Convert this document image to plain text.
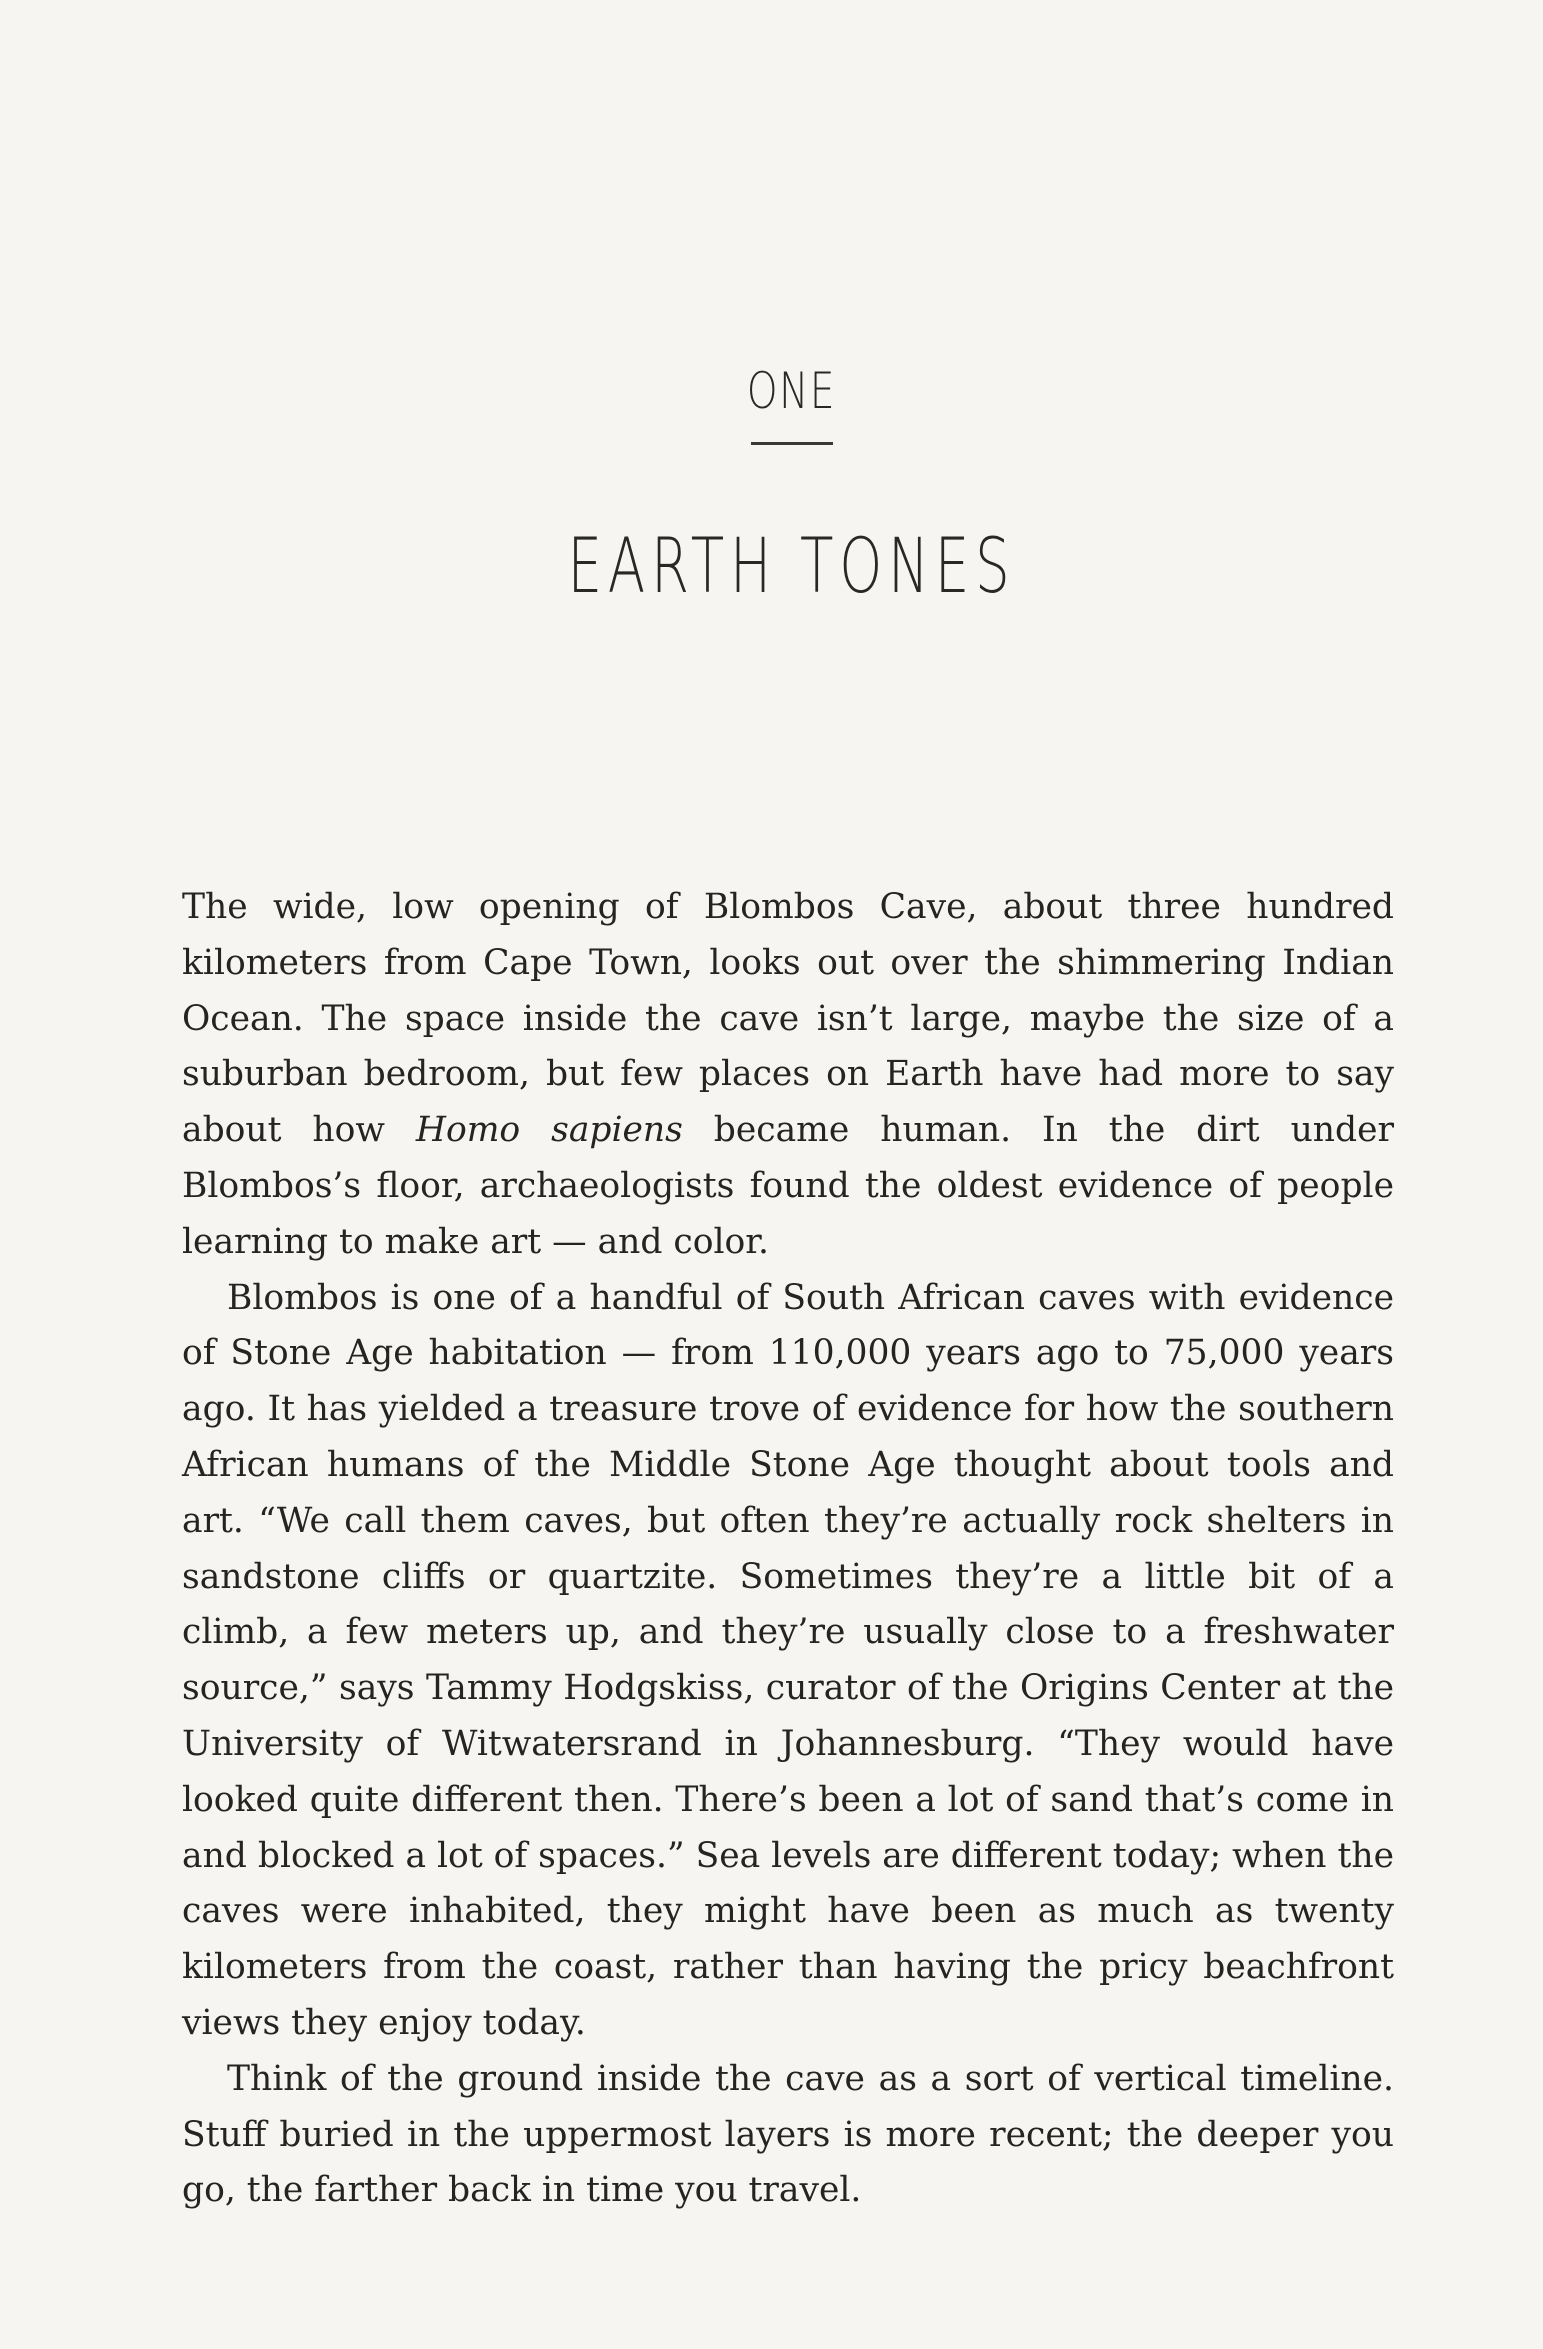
ONE
EARTH TONES

The wide, low opening of Blombos Cave, about three hundred kilometers from Cape Town, looks out over the shimmering Indian Ocean. The space inside the cave isn’t large, maybe the size of a suburban bedroom, but few places on Earth have had more to say about how Homo sapiens became human. In the dirt under Blombos’s floor, archaeologists found the oldest evidence of people learning to make art — and color.

Blombos is one of a handful of South African caves with evidence of Stone Age habitation — from 110,000 years ago to 75,000 years ago. It has yielded a treasure trove of evidence for how the southern African humans of the Middle Stone Age thought about tools and art. “We call them caves, but often they’re actually rock shelters in sandstone cliffs or quartzite. Sometimes they’re a little bit of a climb, a few meters up, and they’re usually close to a freshwater source,” says Tammy Hodgskiss, curator of the Origins Center at the University of Witwatersrand in Johannesburg. “They would have looked quite different then. There’s been a lot of sand that’s come in and blocked a lot of spaces.” Sea levels are different today; when the caves were inhabited, they might have been as much as twenty kilometers from the coast, rather than having the pricy beachfront views they enjoy today.

Think of the ground inside the cave as a sort of vertical timeline. Stuff buried in the uppermost layers is more recent; the deeper you go, the farther back in time you travel.
